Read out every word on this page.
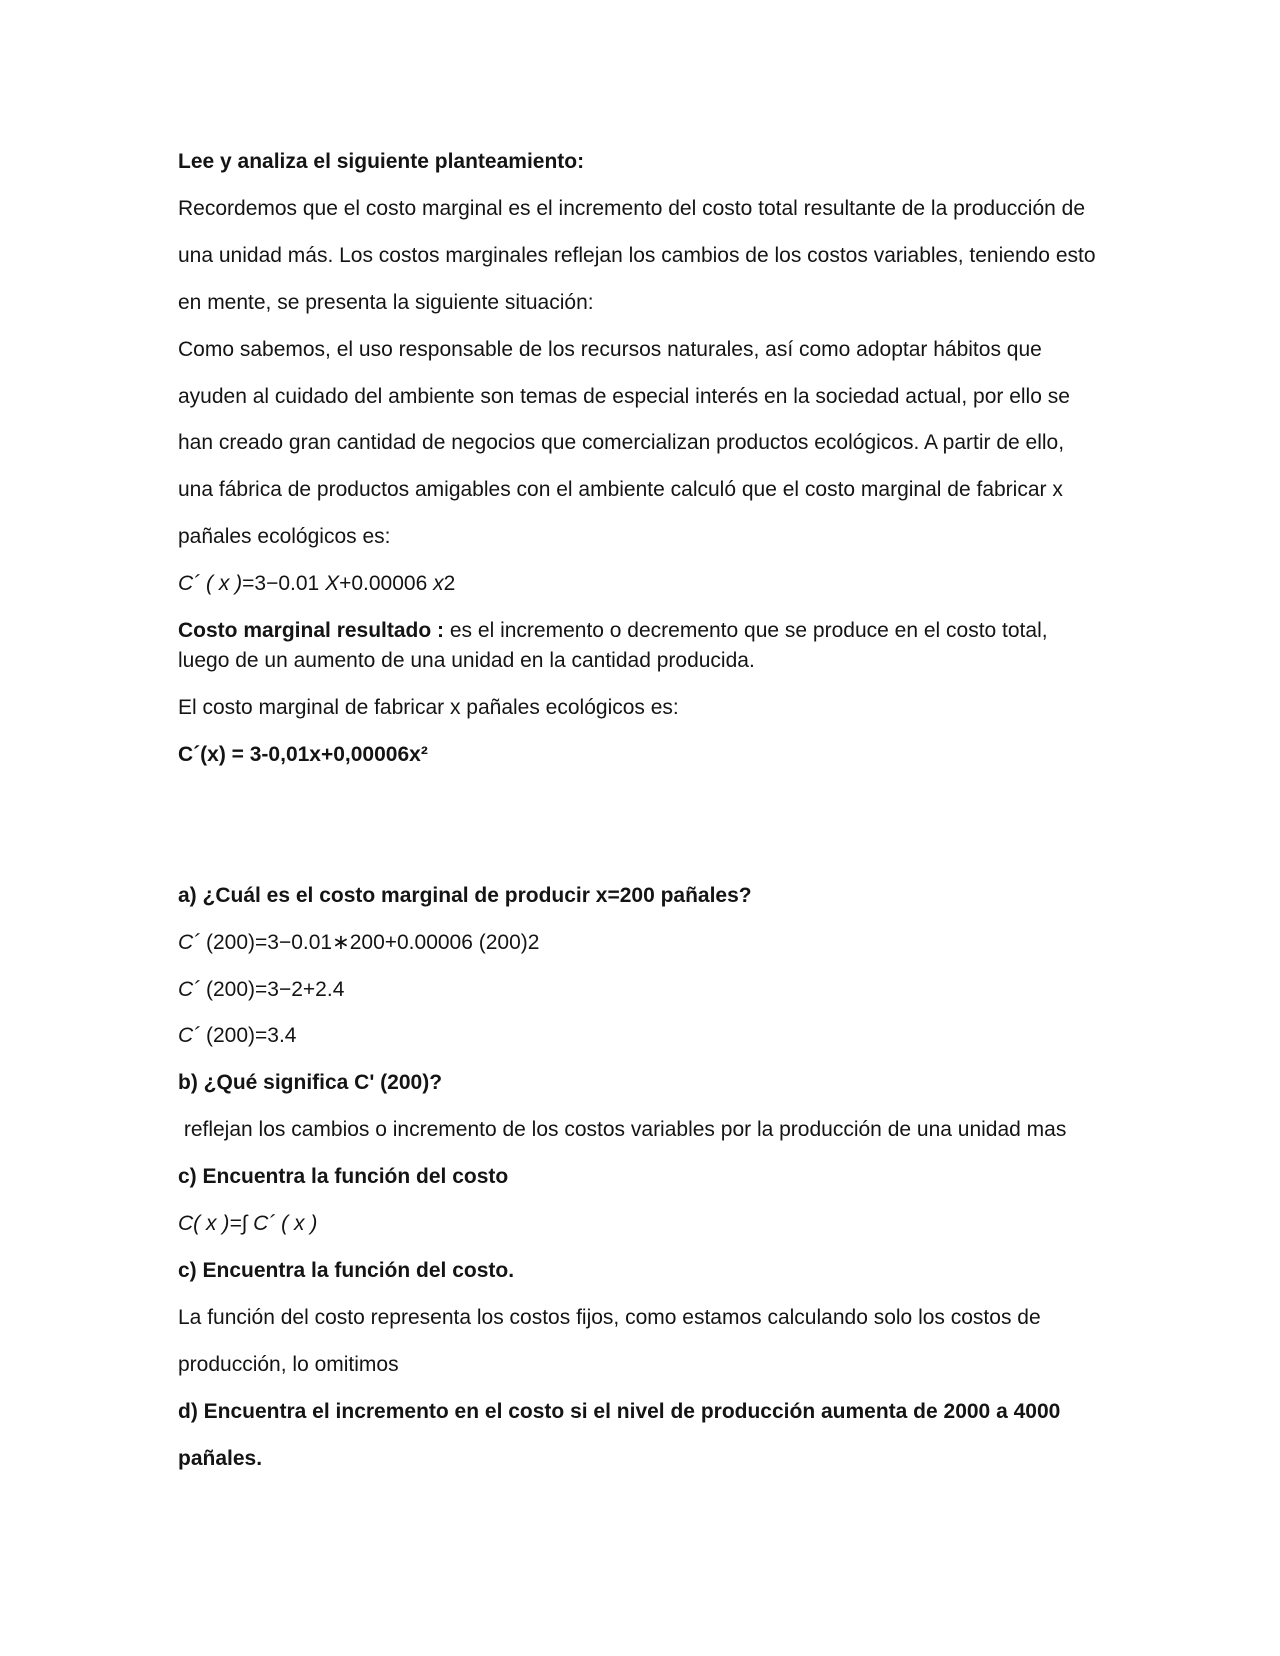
Lee y analiza el siguiente planteamiento:
Recordemos que el costo marginal es el incremento del costo total resultante de la producción de
una unidad más. Los costos marginales reflejan los cambios de los costos variables, teniendo esto
en mente, se presenta la siguiente situación:
Como sabemos, el uso responsable de los recursos naturales, así como adoptar hábitos que
ayuden al cuidado del ambiente son temas de especial interés en la sociedad actual, por ello se
han creado gran cantidad de negocios que comercializan productos ecológicos. A partir de ello,
una fábrica de productos amigables con el ambiente calculó que el costo marginal de fabricar x
pañales ecológicos es:
C´ ( x )=3−0.01 X+0.00006 x2
Costo marginal resultado : es el incremento o decremento que se produce en el costo total, luego de un aumento de una unidad en la cantidad producida.
El costo marginal de fabricar x pañales ecológicos es:
C´(x) = 3-0,01x+0,00006x²
a) ¿Cuál es el costo marginal de producir x=200 pañales?
C´ (200)=3−0.01∗200+0.00006 (200)2
C´ (200)=3−2+2.4
C´ (200)=3.4
b) ¿Qué significa C' (200)?
reflejan los cambios o incremento de los costos variables por la producción de una unidad mas
c) Encuentra la función del costo
C( x )=∫ C´ ( x )
c) Encuentra la función del costo.
La función del costo representa los costos fijos, como estamos calculando solo los costos de
producción, lo omitimos
d) Encuentra el incremento en el costo si el nivel de producción aumenta de 2000 a 4000
pañales.
